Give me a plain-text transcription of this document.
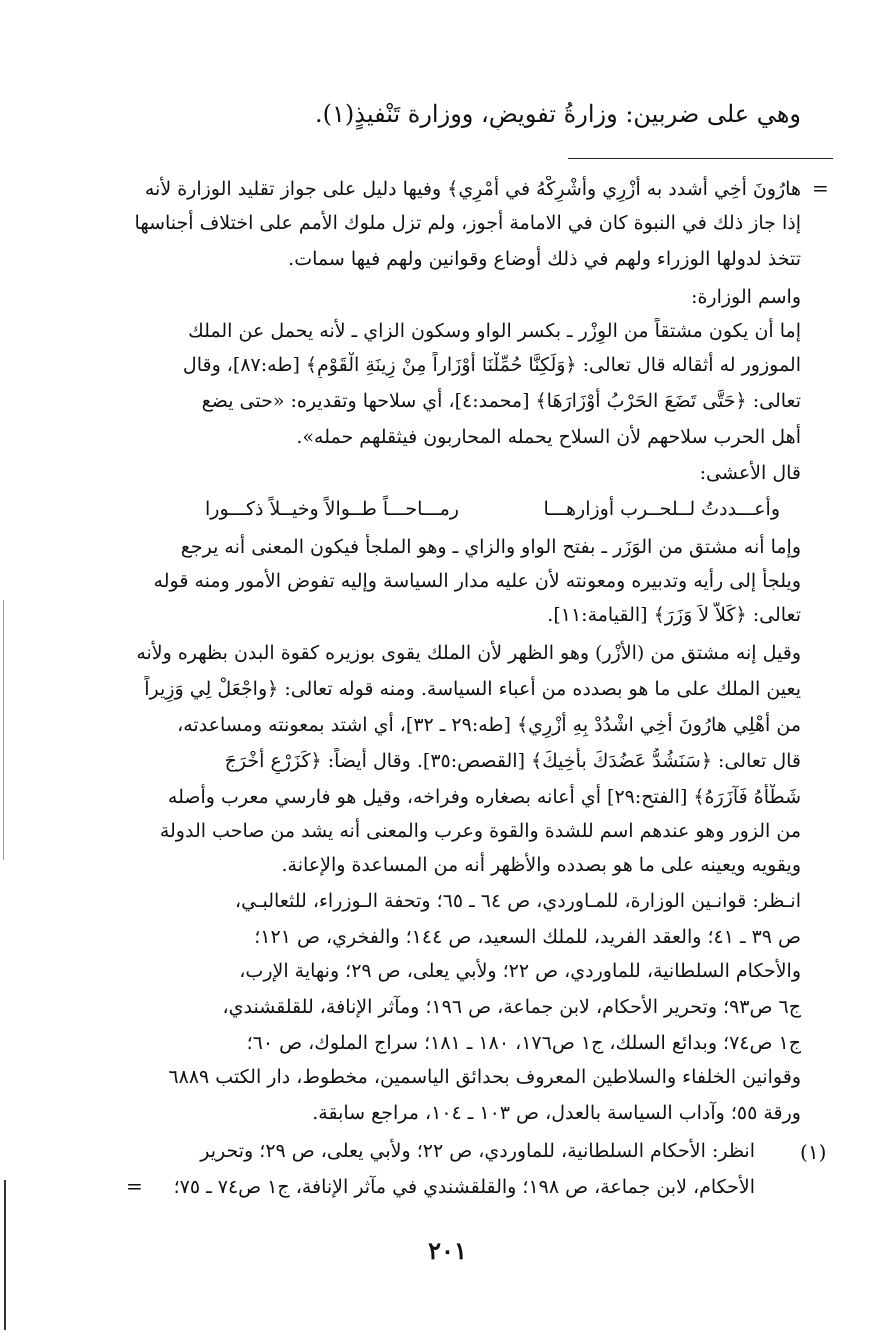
وهي على ضربين: وزارةُ تفويضٍ، ووزارة تَنْفيذٍ(١).
=
هارُونَ أخِي أشدد به أَزْرِي وأَشْرِكْهُ في أَمْرِي﴾ وفيها دليل على جواز تقليد الوزارة لأنه
إذا جاز ذلك في النبوة كان في الامامة أجوز، ولم تزل ملوك الأمم على اختلاف أجناسها
تتخذ لدولها الوزراء ولهم في ذلك أوضاع وقوانين ولهم فيها سمات.
واسم الوزارة:
إما أن يكون مشتقاً من الوِزْر ـ بكسر الواو وسكون الزاي ـ لأنه يحمل عن الملك
الموزور له أثقاله قال تعالى: ﴿وَلَكِنَّا حُمِّلْنَا أَوْزَاراً مِنْ زِينَةِ الْقَوْمِ﴾ [طه:٨٧]، وقال
تعالى: ﴿حَتَّى تَضَعَ الحَرْبُ أَوْزَارَهَا﴾ [محمد:٤]، أي سلاحها وتقديره: «حتى يضع
أهل الحرب سلاحهم لأن السلاح يحمله المحاربون فيثقلهم حمله».
قال الأعشى:
وأعـــددتُ لــلحــرب أوزارهـــا
رمـــاحـــاً طــوالاً وخيــلاً ذكـــورا
وإما أنه مشتق من الوَزَر ـ بفتح الواو والزاي ـ وهو الملجأ فيكون المعنى أنه يرجع
ويلجأ إلى رأيه وتدبيره ومعونته لأن عليه مدار السياسة وإليه تفوض الأمور ومنه قوله
تعالى: ﴿كَلاَّ لاَ وَزَرَ﴾ [القيامة:١١].
وقيل إنه مشتق من (الأَزْر) وهو الظهر لأن الملك يقوى بوزيره كقوة البدن بظهره ولأنه
يعين الملك على ما هو بصدده من أعباء السياسة. ومنه قوله تعالى: ﴿واجْعَلْ لِي وَزِيراً
من أَهْلِي هارُونَ أَخِي اشْدُدْ بِهِ أَزْرِي﴾ [طه:٢٩ ـ ٣٢]، أي اشتد بمعونته ومساعدته،
قال تعالى: ﴿سَنَشُدُّ عَضُدَكَ بأَخِيكَ﴾ [القصص:٣٥]. وقال أيضاً: ﴿كَزَرْعٍ أَخْرَجَ
شَطْأَهُ فَآزَرَهُ﴾ [الفتح:٢٩] أي أعانه بصغاره وفراخه، وقيل هو فارسي معرب وأصله
من الزور وهو عندهم اسم للشدة والقوة وعرب والمعنى أنه يشد من صاحب الدولة
ويقويه ويعينه على ما هو بصدده والأظهر أنه من المساعدة والإعانة.
انـظر: قوانـين الوزارة، للمـاوردي، ص ٦٤ ـ ٦٥؛ وتحفة الـوزراء، للثعالبـي،
ص ٣٩ ـ ٤١؛ والعقد الفريد، للملك السعيد، ص ١٤٤؛ والفخري، ص ١٢١؛
والأحكام السلطانية، للماوردي، ص ٢٢؛ ولأبي يعلى، ص ٢٩؛ ونهاية الإرب،
ج٦ ص٩٣؛ وتحرير الأحكام، لابن جماعة، ص ١٩٦؛ ومآثر الإنافة، للقلقشندي،
ج١ ص٧٤؛ وبدائع السلك، ج١ ص١٧٦، ١٨٠ ـ ١٨١؛ سراج الملوك، ص ٦٠؛
وقوانين الخلفاء والسلاطين المعروف بحدائق الياسمين، مخطوط، دار الكتب ٦٨٨٩
ورقة ٥٥؛ وآداب السياسة بالعدل، ص ١٠٣ ـ ١٠٤، مراجع سابقة.
(١)
انظر: الأحكام السلطانية، للماوردي، ص ٢٢؛ ولأبي يعلى، ص ٢٩؛ وتحرير
الأحكام، لابن جماعة، ص ١٩٨؛ والقلقشندي في مآثر الإنافة، ج١ ص٧٤ ـ ٧٥؛
=
٢٠١
